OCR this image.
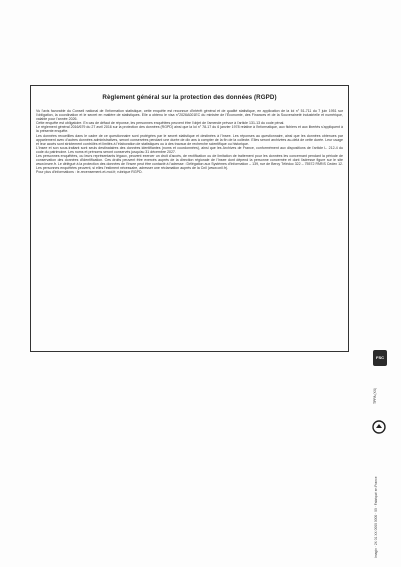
Règlement général sur la protection des données (RGPD)

Vu l'avis favorable du Conseil national de l'information statistique, cette enquête est reconnue d'intérêt général et de qualité statistique, en application de la loi n° 51-711 du 7 juin 1951 sur l'obligation, la coordination et le secret en matière de statistiques. Elle a obtenu le visa n°2026A001EC du ministre de l'Économie, des Finances et de la Souveraineté industrielle et numérique, valable pour l'année 2026.

Cette enquête est obligatoire. En cas de défaut de réponse, les personnes enquêtées peuvent être l'objet de l'amende prévue à l'article 131-13 du code pénal.

Le règlement général 2016/679 du 27 avril 2016 sur la protection des données (RGPD) ainsi que la loi n° 78-17 du 6 janvier 1978 relative à l'informatique, aux fichiers et aux libertés s'appliquent à la présente enquête.

Les données recueillies dans le cadre de ce questionnaire sont protégées par le secret statistique et destinées à l'Insee. Les réponses au questionnaire, ainsi que les données obtenues par appariement avec d'autres données administratives, seront conservées pendant une durée de dix ans à compter de la fin de la collecte. Elles seront archivées au-delà de cette durée. Leur usage et leur accès sont strictement contrôlés et limités à l'élaboration de statistiques ou à des travaux de recherche scientifique ou historique.

L'Insee et son sous-traitant sont seuls destinataires des données identifiantes (noms et coordonnées), ainsi que les Archives de France, conformément aux dispositions de l'article L. 212-4 du code du patrimoine. Les noms et prénoms seront conservés jusqu'au 31 décembre 2027.

Les personnes enquêtées, ou leurs représentants légaux, peuvent exercer un droit d'accès, de rectification ou de limitation de traitement pour les données les concernant pendant la période de conservation des données d'identification. Ces droits peuvent être exercés auprès de la direction régionale de l'Insee dont dépend la personne concernée et dont l'adresse figure sur le site www.insee.fr. Le délégué à la protection des données de l'Insee peut être contacté à l'adresse : Délégation aux Systèmes d'Information – 139, rue de Bercy Télédoc 322 – 75572 PARIS Cedex 12. Les personnes enquêtées peuvent, si elles l'estiment nécessaire, adresser une réclamation auprès de la Cnil (www.cnil.fr).

Pour plus d'informations : le-recensement-et-moi.fr, rubrique RGPD.

FSC
TPPA (XX)
Imagin · 2X 01 XX 0000 0000 · 00 · Fabriqué en France
